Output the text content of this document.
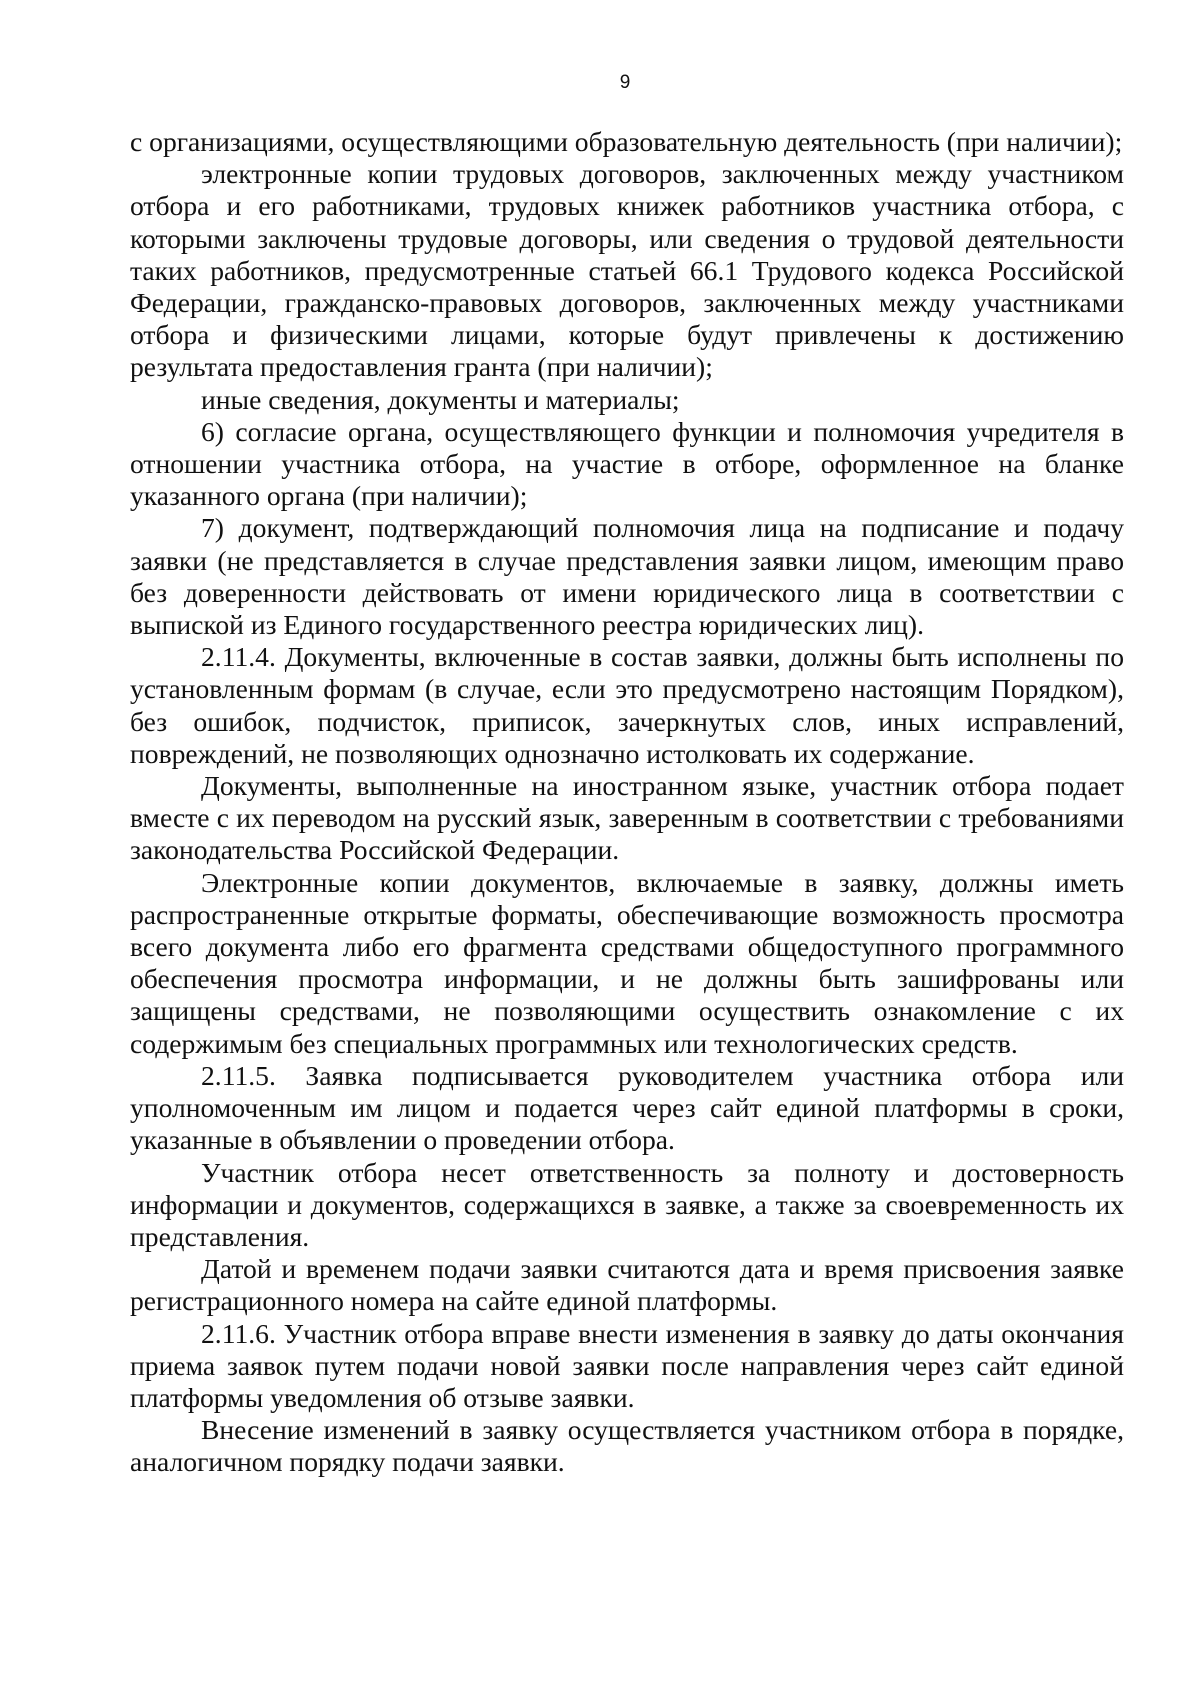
9

с организациями, осуществляющими образовательную деятельность (при наличии);

электронные копии трудовых договоров, заключенных между участником отбора и его работниками, трудовых книжек работников участника отбора, с которыми заключены трудовые договоры, или сведения о трудовой деятельности таких работников, предусмотренные статьей 66.1 Трудового кодекса Российской Федерации, гражданско-правовых договоров, заключенных между участниками отбора и физическими лицами, которые будут привлечены к достижению результата предоставления гранта (при наличии);

иные сведения, документы и материалы;

6) согласие органа, осуществляющего функции и полномочия учредителя в отношении участника отбора, на участие в отборе, оформленное на бланке указанного органа (при наличии);

7) документ, подтверждающий полномочия лица на подписание и подачу заявки (не представляется в случае представления заявки лицом, имеющим право без доверенности действовать от имени юридического лица в соответствии с выпиской из Единого государственного реестра юридических лиц).

2.11.4. Документы, включенные в состав заявки, должны быть исполнены по установленным формам (в случае, если это предусмотрено настоящим Порядком), без ошибок, подчисток, приписок, зачеркнутых слов, иных исправлений, повреждений, не позволяющих однозначно истолковать их содержание.

Документы, выполненные на иностранном языке, участник отбора подает вместе с их переводом на русский язык, заверенным в соответствии с требованиями законодательства Российской Федерации.

Электронные копии документов, включаемые в заявку, должны иметь распространенные открытые форматы, обеспечивающие возможность просмотра всего документа либо его фрагмента средствами общедоступного программного обеспечения просмотра информации, и не должны быть зашифрованы или защищены средствами, не позволяющими осуществить ознакомление с их содержимым без специальных программных или технологических средств.

2.11.5. Заявка подписывается руководителем участника отбора или уполномоченным им лицом и подается через сайт единой платформы в сроки, указанные в объявлении о проведении отбора.

Участник отбора несет ответственность за полноту и достоверность информации и документов, содержащихся в заявке, а также за своевременность их представления.

Датой и временем подачи заявки считаются дата и время присвоения заявке регистрационного номера на сайте единой платформы.

2.11.6. Участник отбора вправе внести изменения в заявку до даты окончания приема заявок путем подачи новой заявки после направления через сайт единой платформы уведомления об отзыве заявки.

Внесение изменений в заявку осуществляется участником отбора в порядке, аналогичном порядку подачи заявки.
